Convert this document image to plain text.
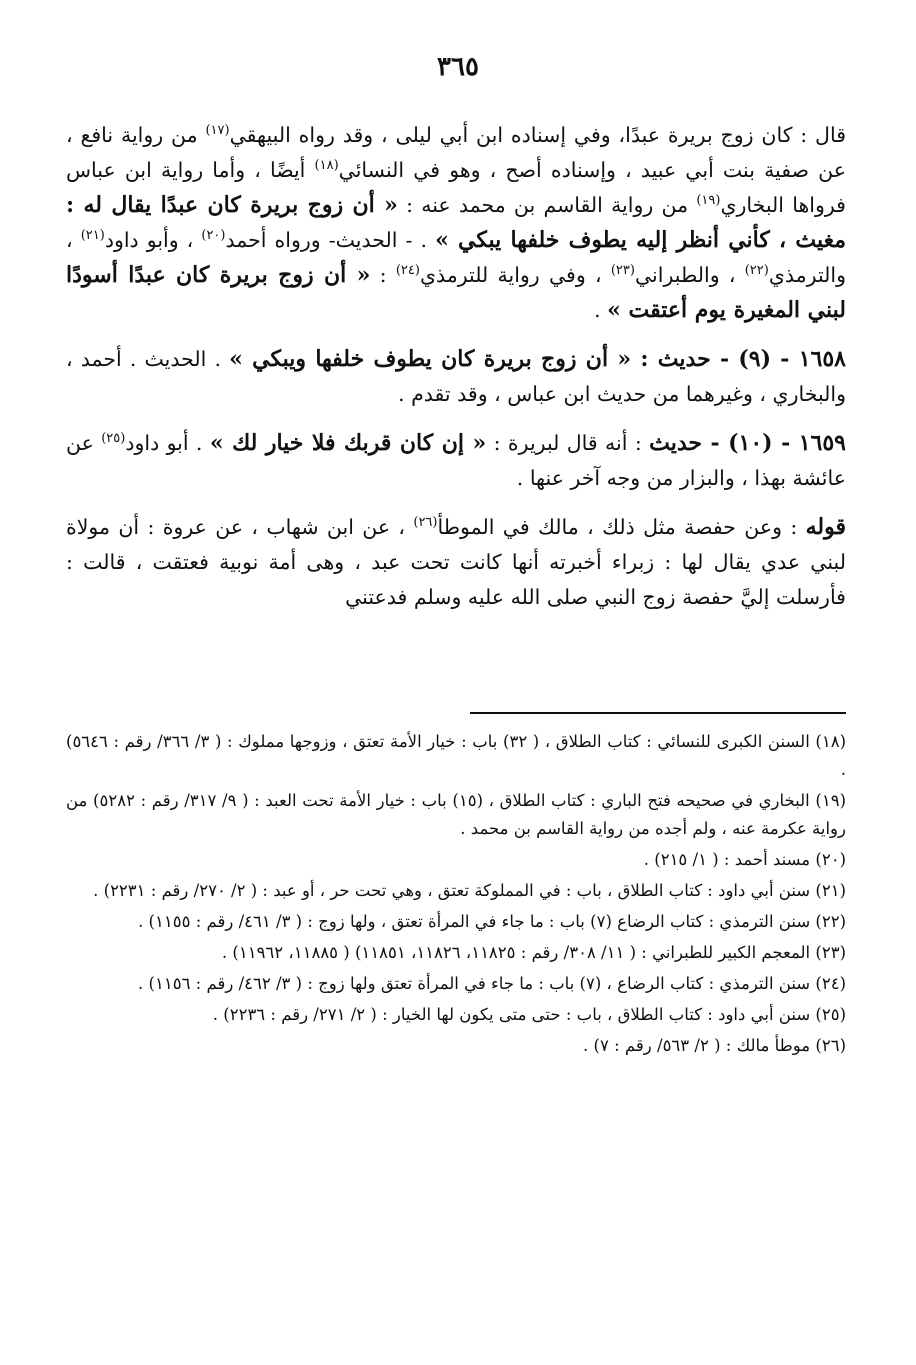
٣٦٥

قال : كان زوج بريرة عبدًا، وفي إسناده ابن أبي ليلى ، وقد رواه البيهقي$^{(١٧)}$ من رواية نافع ، عن صفية بنت أبي عبيد ، وإسناده أصح ، وهو في النسائي$^{(١٨)}$ أيضًا ، وأما رواية ابن عباس فرواها البخاري$^{(١٩)}$ من رواية القاسم بن محمد عنه : « أن زوج بريرة كان عبدًا يقال له : مغيث ، كأني أنظر إليه يطوف خلفها يبكي » . - الحديث- ورواه أحمد$^{(٢٠)}$ ، وأبو داود$^{(٢١)}$ ، والترمذي$^{(٢٢)}$ ، والطبراني$^{(٢٣)}$ ، وفي رواية للترمذي$^{(٢٤)}$ : « أن زوج بريرة كان عبدًا أسودًا لبني المغيرة يوم أعتقت » .

١٦٥٨ - (٩) - حديث : « أن زوج بريرة كان يطوف خلفها ويبكي » . الحديث . أحمد ، والبخاري ، وغيرهما من حديث ابن عباس ، وقد تقدم .

١٦٥٩ - (١٠) - حديث : أنه قال لبريرة : « إن كان قربك فلا خيار لك » . أبو داود$^{(٢٥)}$ عن عائشة بهذا ، والبزار من وجه آخر عنها .

قوله : وعن حفصة مثل ذلك ، مالك في الموطأ$^{(٢٦)}$ ، عن ابن شهاب ، عن عروة : أن مولاة لبني عدي يقال لها : زبراء أخبرته أنها كانت تحت عبد ، وهى أمة نوبية فعتقت ، قالت : فأرسلت إليَّ حفصة زوج النبي صلى الله عليه وسلم فدعتني

(١٨) السنن الكبرى للنسائي : كتاب الطلاق ، ( ٣٢) باب : خيار الأمة تعتق ، وزوجها مملوك : ( ٣/ ٣٦٦/ رقم : ٥٦٤٦) .

(١٩) البخاري في صحيحه فتح الباري : كتاب الطلاق ، (١٥) باب : خيار الأمة تحت العبد : ( ٩/ ٣١٧/ رقم : ٥٢٨٢) من رواية عكرمة عنه ، ولم أجده من رواية القاسم بن محمد .

(٢٠) مسند أحمد : ( ١/ ٢١٥) .

(٢١) سنن أبي داود : كتاب الطلاق ، باب : في المملوكة تعتق ، وهي تحت حر ، أو عبد : ( ٢/ ٢٧٠/ رقم : ٢٢٣١) .

(٢٢) سنن الترمذي : كتاب الرضاع (٧) باب : ما جاء في المرأة تعتق ، ولها زوج : ( ٣/ ٤٦١/ رقم : ١١٥٥) .

(٢٣) المعجم الكبير للطبراني : ( ١١/ ٣٠٨/ رقم : ١١٨٢٥، ١١٨٢٦، ١١٨٥١) ( ١١٨٨٥، ١١٩٦٢) .

(٢٤) سنن الترمذي : كتاب الرضاع ، (٧) باب : ما جاء في المرأة تعتق ولها زوج : ( ٣/ ٤٦٢/ رقم : ١١٥٦) .

(٢٥) سنن أبي داود : كتاب الطلاق ، باب : حتى متى يكون لها الخيار : ( ٢/ ٢٧١/ رقم : ٢٢٣٦) .

(٢٦) موطأ مالك : ( ٢/ ٥٦٣/ رقم : ٧) .
